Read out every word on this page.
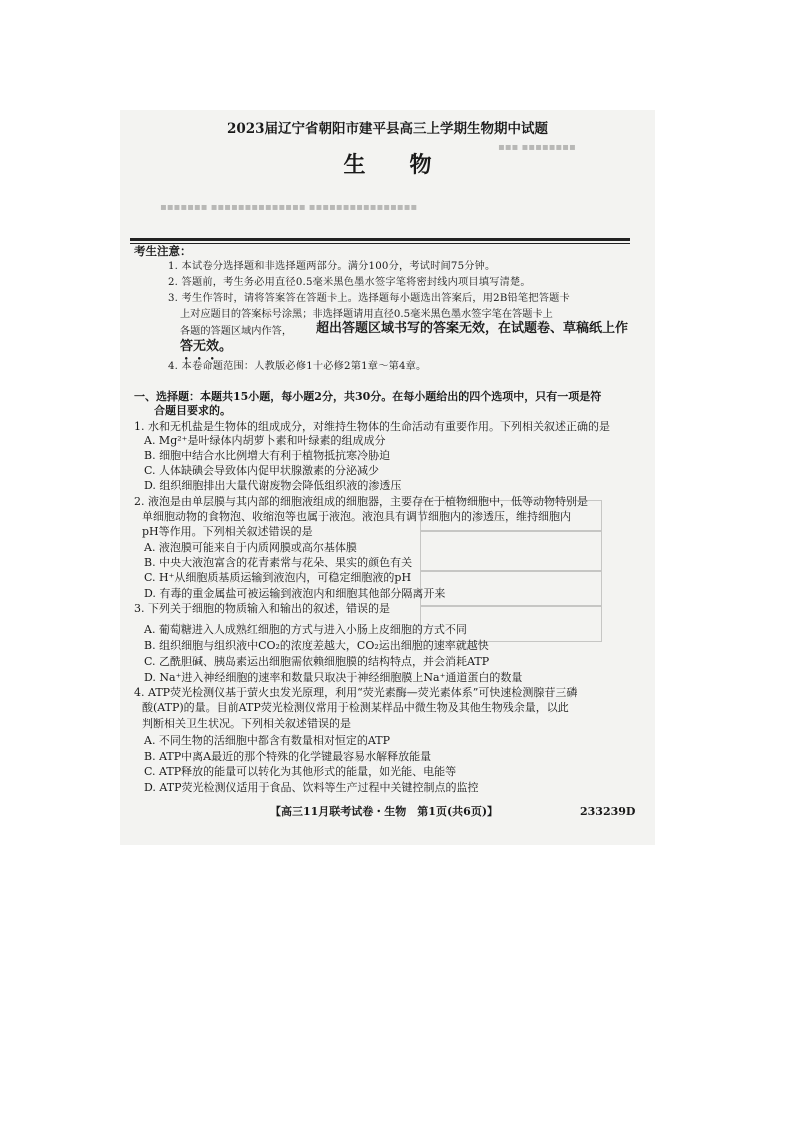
▪▪▪ ▪▪▪▪▪▪▪▪
▪▪▪▪▪▪▪ ▪▪▪▪▪▪▪▪▪▪▪▪▪▪ ▪▪▪▪▪▪▪▪▪▪▪▪▪▪▪▪
2023届辽宁省朝阳市建平县高三上学期生物期中试题
生物
考生注意：
1. 本试卷分选择题和非选择题两部分。满分100分，考试时间75分钟。
2. 答题前，考生务必用直径0.5毫米黑色墨水签字笔将密封线内项目填写清楚。
3. 考生作答时，请将答案答在答题卡上。选择题每小题选出答案后，用2B铅笔把答题卡
上对应题目的答案标号涂黑；非选择题请用直径0.5毫米黑色墨水签字笔在答题卡上
各题的答题区域内作答， 超出答题区域书写的答案无效，在试题卷、草稿纸上作
答无效。
4. 本卷命题范围：人教版必修1十必修2第1章～第4章。
一、选择题：本题共15小题，每小题2分，共30分。在每小题给出的四个选项中，只有一项是符
合题目要求的。
1. 水和无机盐是生物体的组成成分，对维持生物体的生命活动有重要作用。下列相关叙述正确的是
A. Mg²⁺是叶绿体内胡萝卜素和叶绿素的组成成分
B. 细胞中结合水比例增大有利于植物抵抗寒冷胁迫
C. 人体缺碘会导致体内促甲状腺激素的分泌减少
D. 组织细胞排出大量代谢废物会降低组织液的渗透压
2. 液泡是由单层膜与其内部的细胞液组成的细胞器，主要存在于植物细胞中，低等动物特别是
单细胞动物的食物泡、收缩泡等也属于液泡。液泡具有调节细胞内的渗透压，维持细胞内
pH等作用。下列相关叙述错误的是
A. 液泡膜可能来自于内质网膜或高尔基体膜
B. 中央大液泡富含的花青素常与花朵、果实的颜色有关
C. H⁺从细胞质基质运输到液泡内，可稳定细胞液的pH
D. 有毒的重金属盐可被运输到液泡内和细胞其他部分隔离开来
3. 下列关于细胞的物质输入和输出的叙述，错误的是
A. 葡萄糖进入人成熟红细胞的方式与进入小肠上皮细胞的方式不同
B. 组织细胞与组织液中CO₂的浓度差越大，CO₂运出细胞的速率就越快
C. 乙酰胆碱、胰岛素运出细胞需依赖细胞膜的结构特点，并会消耗ATP
D. Na⁺进入神经细胞的速率和数量只取决于神经细胞膜上Na⁺通道蛋白的数量
4. ATP荧光检测仪基于萤火虫发光原理，利用“荧光素酶—荧光素体系”可快速检测腺苷三磷
酸(ATP)的量。目前ATP荧光检测仪常用于检测某样品中微生物及其他生物残余量，以此
判断相关卫生状况。下列相关叙述错误的是
A. 不同生物的活细胞中都含有数量相对恒定的ATP
B. ATP中离A最近的那个特殊的化学键最容易水解释放能量
C. ATP释放的能量可以转化为其他形式的能量，如光能、电能等
D. ATP荧光检测仪适用于食品、饮料等生产过程中关键控制点的监控
【高三11月联考试卷・生物　第1页(共6页)】	233239D
